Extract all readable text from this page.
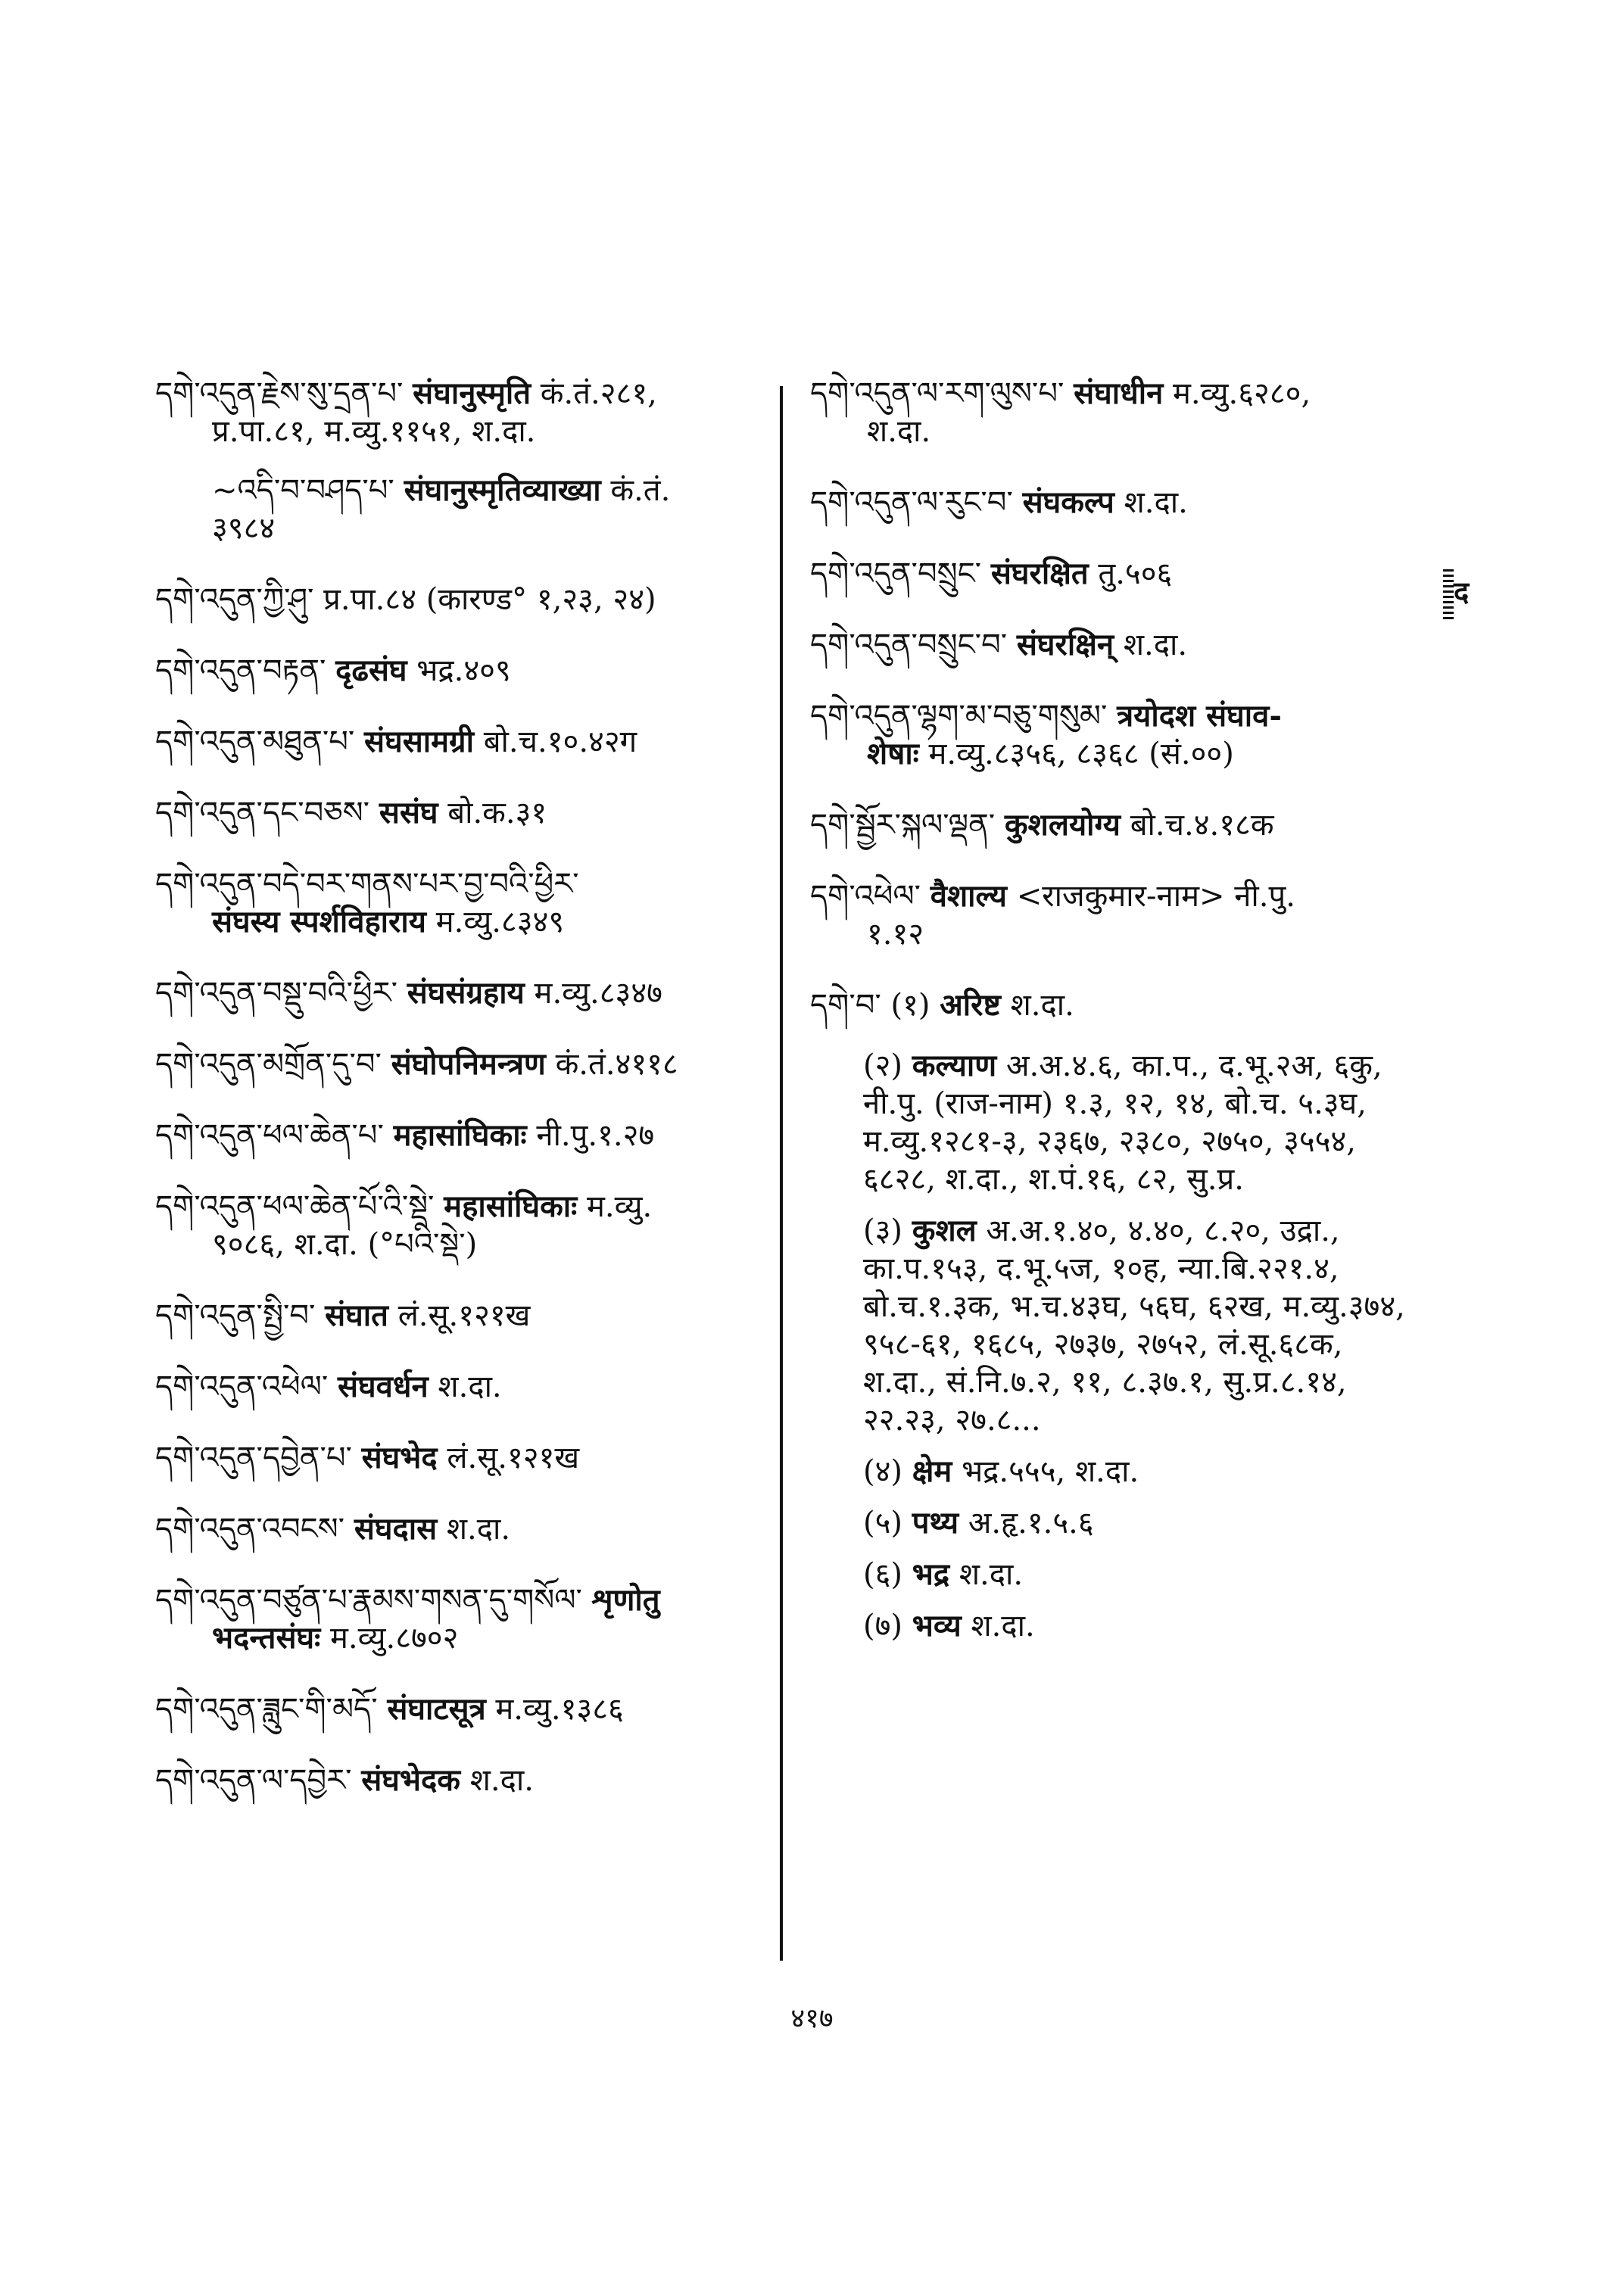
དགེ་འདུན་རྗེས་སུ་དྲན་པ་ संघानुस्मृति कं.तं.२८१,
प्र.पा.८१, म.व्यु.११५१, श.दा.
~འདི་བ་བཤད་པ་ संघानुस्मृतिव्याख्या कं.तं.
३९८४
དགེ་འདུན་ཀྱི་ཤུ་ प्र.पा.८४ (कारण्ड° १,२३, २४)
དགེ་འདུན་བརྟན་ दृढसंघ भद्र.४०९
དགེ་འདུན་མཐུན་པ་ संघसामग्री बो.च.१०.४२ग
དགེ་འདུན་དང་བཅས་ ससंघ बो.क.३१
དགེ་འདུན་བདེ་བར་གནས་པར་བྱ་བའི་ཕྱིར་
संघस्य स्पर्शविहाराय म.व्यु.८३४९
དགེ་འདུན་བསྡུ་བའི་ཕྱིར་ संघसंग्रहाय म.व्यु.८३४७
དགེ་འདུན་མགྲོན་དུ་བ་ संघोपनिमन्त्रण कं.तं.४११८
དགེ་འདུན་ཕལ་ཆེན་པ་ महासांघिकाः नी.पु.१.२७
དགེ་འདུན་ཕལ་ཆེན་པོ་འི་སྡེ་ महासांघिकाः म.व्यु.
९०८६, श.दा. (°པའི་སྡེ་)
དགེ་འདུན་སྤྱི་བ་ संघात लं.सू.१२१ख
དགེ་འདུན་འཕེལ་ संघवर्धन श.दा.
དགེ་འདུན་དབྱེན་པ་ संघभेद लं.सू.१२१ख
དགེ་འདུན་འབངས་ संघदास श.दा.
དགེ་འདུན་བཙུན་པ་རྣམས་གསན་དུ་གསོལ་ शृणोतु
भदन्तसंघः म.व्यु.८७०२
དགེ་འདུན་ཟླུང་གི་མདོ་ संघाटसूत्र म.व्यु.१३८६
དགེ་འདུན་ལ་དབྱེར་ संघभेदक श.दा.
དགེ་འདུན་ལ་རག་ལུས་པ་ संघाधीन म.व्यु.६२८०,
श.दा.
དགེ་འདུན་ལ་རུང་བ་ संघकल्प श.दा.
དགེ་འདུན་བསྲུང་ संघरक्षित तु.५०६
དགེ་འདུན་བསྲུང་བ་ संघरक्षिन् श.दा.
དགེ་འདུན་ལྷག་མ་བཅུ་གསུམ་ त्रयोदश संघाव-
शेषाः म.व्यु.८३५६, ८३६८ (सं.००)
དགེ་སྦྱོར་སྐལ་ལྡན་ कुशलयोग्य बो.च.४.१८क
དགེ་འཕེལ་ वैशाल्य <राजकुमार-नाम> नी.पु.
१.१२
དགེ་བ་ (१) अरिष्ट श.दा.
(२) कल्याण अ.अ.४.६, का.प., द.भू.२अ, ६कु, नी.पु. (राज-नाम) १.३, १२, १४, बो.च. ५.३घ, म.व्यु.१२८१-३, २३६७, २३८०, २७५०, ३५५४, ६८२८, श.दा., श.पं.१६, ८२, सु.प्र.
(३) कुशल अ.अ.१.४०, ४.४०, ८.२०, उद्रा., का.प.१५३, द.भू.५ज, १०ह, न्या.बि.२२१.४, बो.च.१.३क, भ.च.४३घ, ५६घ, ६२ख, म.व्यु.३७४, ९५८-६१, १६८५, २७३७, २७५२, लं.सू.६८क, श.दा., सं.नि.७.२, ११, ८.३७.१, सु.प्र.८.१४, २२.२३, २७.८...
(४) क्षेम भद्र.५५५, श.दा.
(५) पथ्य अ.हृ.१.५.६
(६) भद्र श.दा.
(७) भव्य श.दा.
द
४१७
